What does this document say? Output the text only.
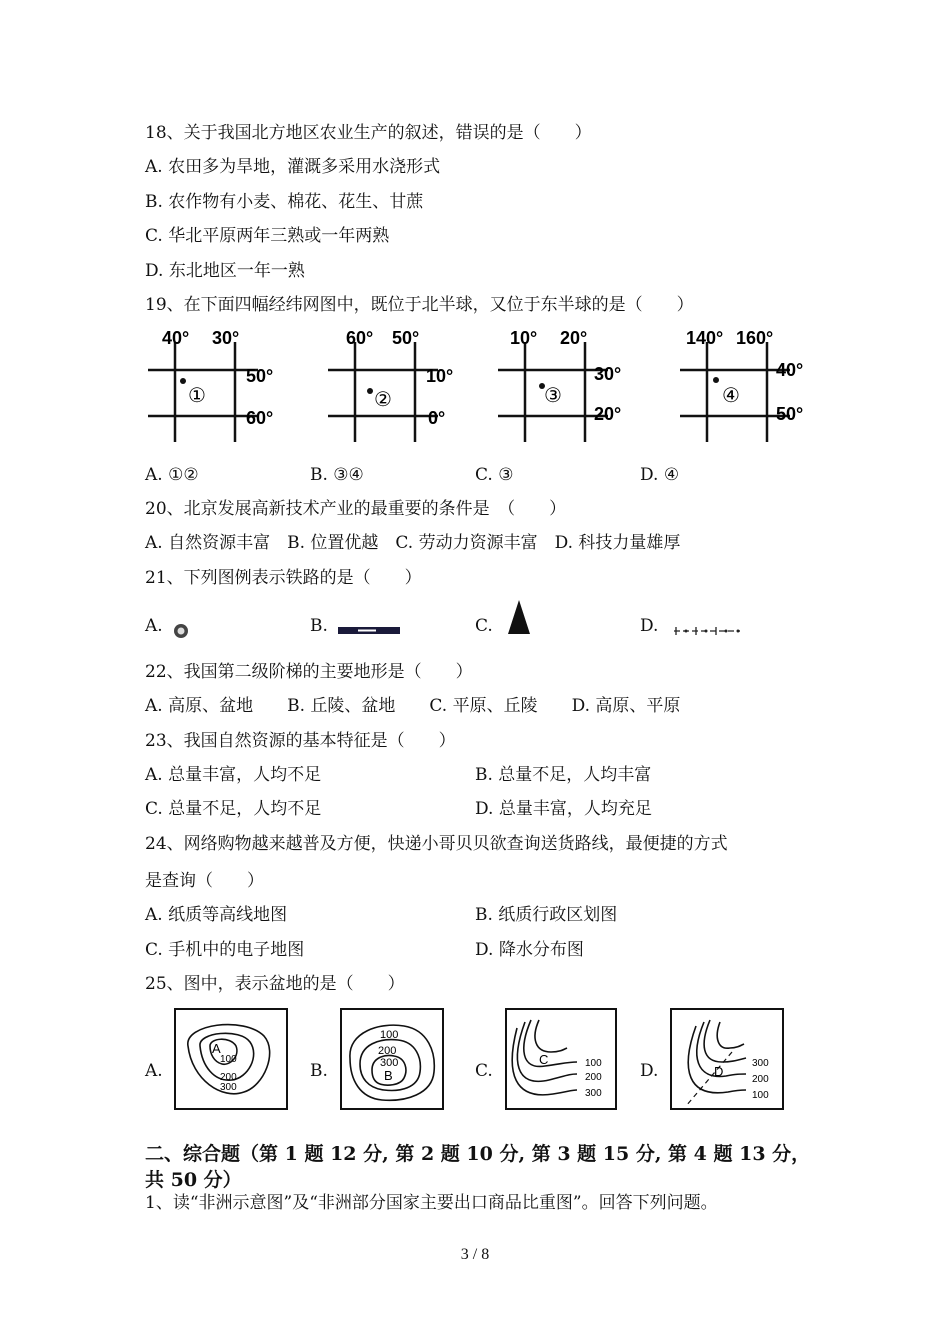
18、关于我国北方地区农业生产的叙述，错误的是（　　）
A. 农田多为旱地，灌溉多采用水浇形式
B. 农作物有小麦、棉花、花生、甘蔗
C. 华北平原两年三熟或一年两熟
D. 东北地区一年一熟
19、在下面四幅经纬网图中，既位于北半球，又位于东半球的是（　　）
40° 30°
50°
60°
①
60° 50°
10°
0°
②
10° 20°
30°
20°
③
140° 160°
40°
50°
④
A. ①②	B. ③④	C. ③	D. ④
20、北京发展高新技术产业的最重要的条件是　（　　）
A. 自然资源丰富　B. 位置优越　C. 劳动力资源丰富　D. 科技力量雄厚
21、下列图例表示铁路的是（　　）
A.	B.	C.	D.
22、我国第二级阶梯的主要地形是（　　）
A. 高原、盆地　　B. 丘陵、盆地　　C. 平原、丘陵　　D. 高原、平原
23、我国自然资源的基本特征是（　　）
A. 总量丰富，人均不足	B. 总量不足，人均丰富
C. 总量不足，人均不足	D. 总量丰富，人均充足
24、网络购物越来越普及方便，快递小哥贝贝欲查询送货路线，最便捷的方式
是查询（　　）
A. 纸质等高线地图	B. 纸质行政区划图
C. 手机中的电子地图	D. 降水分布图
25、图中，表示盆地的是（　　）
A.
A
100
200
300
B.
100
200
300
B	C.
C	100
200
300
D.	D
300
200
100
二、综合题（第 1 题 12 分, 第 2 题 10 分, 第 3 题 15 分, 第 4 题 13 分，共 50 分）
1、读“非洲示意图”及“非洲部分国家主要出口商品比重图”。回答下列问题。
3 / 8
